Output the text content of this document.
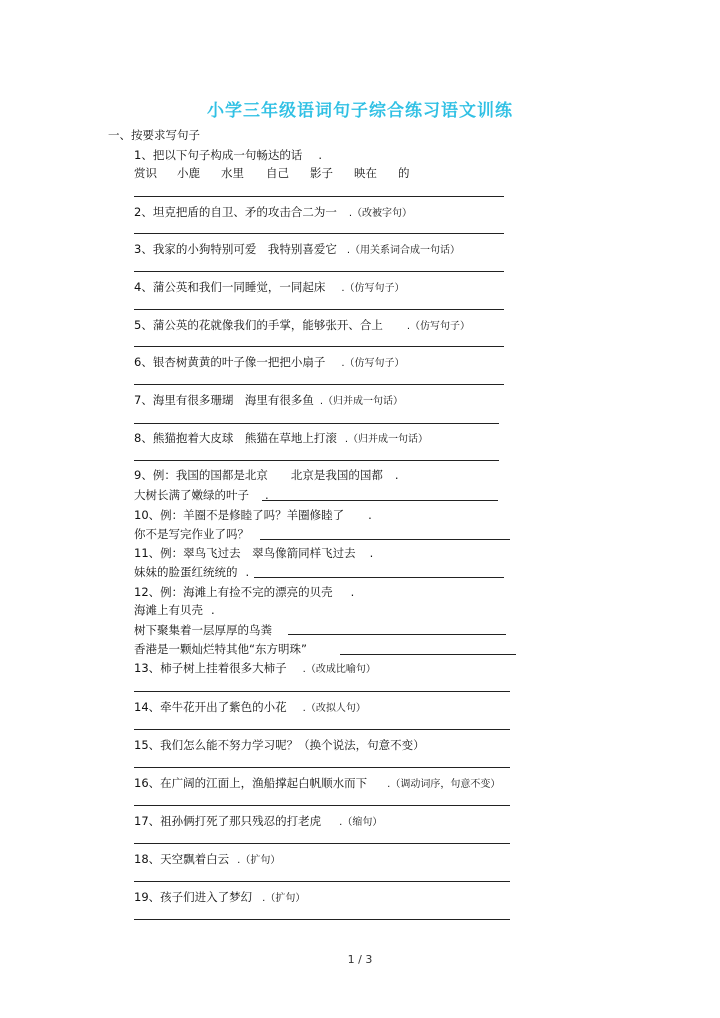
小学三年级语词句子综合练习语文训练
一、按要求写句子
1、把以下句子构成一句畅达的话 .
赏识 小鹿 水里 自己 影子 映在 的
2、坦克把盾的自卫、矛的攻击合二为一 .（改被字句）
3、我家的小狗特别可爱　我特别喜爱它 .（用关系词合成一句话）
4、蒲公英和我们一同睡觉，一同起床 .（仿写句子）
5、蒲公英的花就像我们的手掌，能够张开、合上 .（仿写句子）
6、银杏树黄黄的叶子像一把把小扇子 .（仿写句子）
7、海里有很多珊瑚　海里有很多鱼 .（归并成一句话）
8、熊猫抱着大皮球　熊猫在草地上打滚 .（归并成一句话）
9、例：我国的国都是北京　　北京是我国的国都 .
大树长满了嫩绿的叶子 .
10、例：羊圈不是修睦了吗？羊圈修睦了 .
你不是写完作业了吗？
11、例：翠鸟飞过去　翠鸟像箭同样飞过去 .
妹妹的脸蛋红统统的 .
12、例：海滩上有捡不完的漂亮的贝壳 .
海滩上有贝壳 .
树下聚集着一层厚厚的鸟粪
香港是一颗灿烂特其他“东方明珠”
13、柿子树上挂着很多大柿子 .（改成比喻句）
14、牵牛花开出了紫色的小花 .（改拟人句）
15、我们怎么能不努力学习呢？（换个说法，句意不变）
16、在广阔的江面上，渔船撑起白帆顺水而下 .（调动词序，句意不变）
17、祖孙俩打死了那只残忍的打老虎 .（缩句）
18、天空飘着白云 .（扩句）
19、孩子们进入了梦幻 .（扩句）
1 / 3
